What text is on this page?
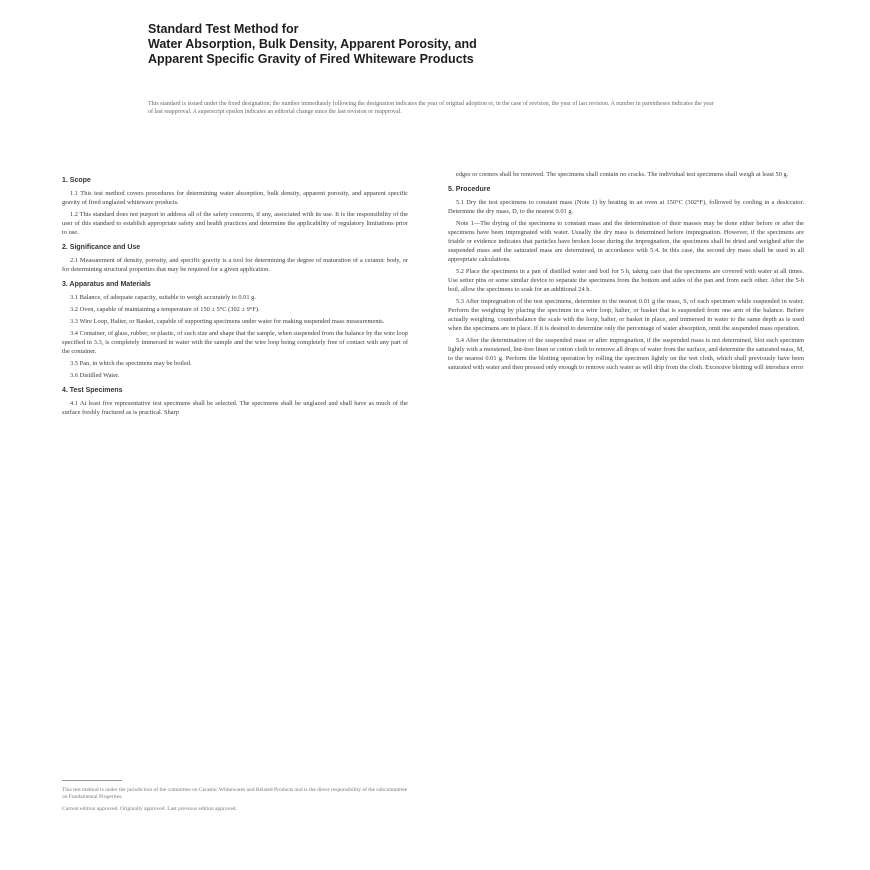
Standard Test Method for
Water Absorption, Bulk Density, Apparent Porosity, and
Apparent Specific Gravity of Fired Whiteware Products
This standard is issued under the fixed designation; the number immediately following the designation indicates the year of original adoption or, in the case of revision, the year of last revision. A number in parentheses indicates the year of last reapproval. A superscript epsilon indicates an editorial change since the last revision or reapproval.
1. Scope

1.1 This test method covers procedures for determining water absorption, bulk density, apparent porosity, and apparent specific gravity of fired unglazed whiteware products.

1.2 This standard does not purport to address all of the safety concerns, if any, associated with its use. It is the responsibility of the user of this standard to establish appropriate safety and health practices and determine the applicability of regulatory limitations prior to use.

2. Significance and Use

2.1 Measurement of density, porosity, and specific gravity is a tool for determining the degree of maturation of a ceramic body, or for determining structural properties that may be required for a given application.

3. Apparatus and Materials

3.1 Balance, of adequate capacity, suitable to weigh accurately to 0.01 g.

3.2 Oven, capable of maintaining a temperature of 150 ± 5°C (302 ± 9°F).

3.3 Wire Loop, Halter, or Basket, capable of supporting specimens under water for making suspended mass measurements.

3.4 Container, of glass, rubber, or plastic, of such size and shape that the sample, when suspended from the balance by the wire loop specified in 3.3, is completely immersed in water with the sample and the wire loop being completely free of contact with any part of the container.

3.5 Pan, in which the specimens may be boiled.

3.6 Distilled Water.

4. Test Specimens

4.1 At least five representative test specimens shall be selected. The specimens shall be unglazed and shall have as much of the surface freshly fractured as is practical. Sharp

edges or corners shall be removed. The specimens shall contain no cracks. The individual test specimens shall weigh at least 50 g.

5. Procedure

5.1 Dry the test specimens to constant mass (Note 1) by heating in an oven at 150°C (302°F), followed by cooling in a desiccator. Determine the dry mass, D, to the nearest 0.01 g.

Note 1—The drying of the specimens to constant mass and the determination of their masses may be done either before or after the specimens have been impregnated with water. Usually the dry mass is determined before impregnation. However, if the specimens are friable or evidence indicates that particles have broken loose during the impregnation, the specimens shall be dried and weighed after the suspended mass and the saturated mass are determined, in accordance with 5.4. In this case, the second dry mass shall be used in all appropriate calculations.

5.2 Place the specimens in a pan of distilled water and boil for 5 h, taking care that the specimens are covered with water at all times. Use setter pins or some similar device to separate the specimens from the bottom and sides of the pan and from each other. After the 5-h boil, allow the specimens to soak for an additional 24 h.

5.3 After impregnation of the test specimens, determine to the nearest 0.01 g the mass, S, of each specimen while suspended in water. Perform the weighing by placing the specimen in a wire loop, halter, or basket that is suspended from one arm of the balance. Before actually weighing, counterbalance the scale with the loop, halter, or basket in place, and immersed in water to the same depth as is used when the specimens are in place. If it is desired to determine only the percentage of water absorption, omit the suspended mass operation.

5.4 After the determination of the suspended mass or after impregnation, if the suspended mass is not determined, blot each specimen lightly with a moistened, lint-free linen or cotton cloth to remove all drops of water from the surface, and determine the saturated mass, M, to the nearest 0.01 g. Perform the blotting operation by rolling the specimen lightly on the wet cloth, which shall previously have been saturated with water and then pressed only enough to remove such water as will drip from the cloth. Excessive blotting will introduce error

This test method is under the jurisdiction of the committee on Ceramic Whitewares and Related Products and is the direct responsibility of the subcommittee on Fundamental Properties.

Current edition approved. Originally approved. Last previous edition approved.
